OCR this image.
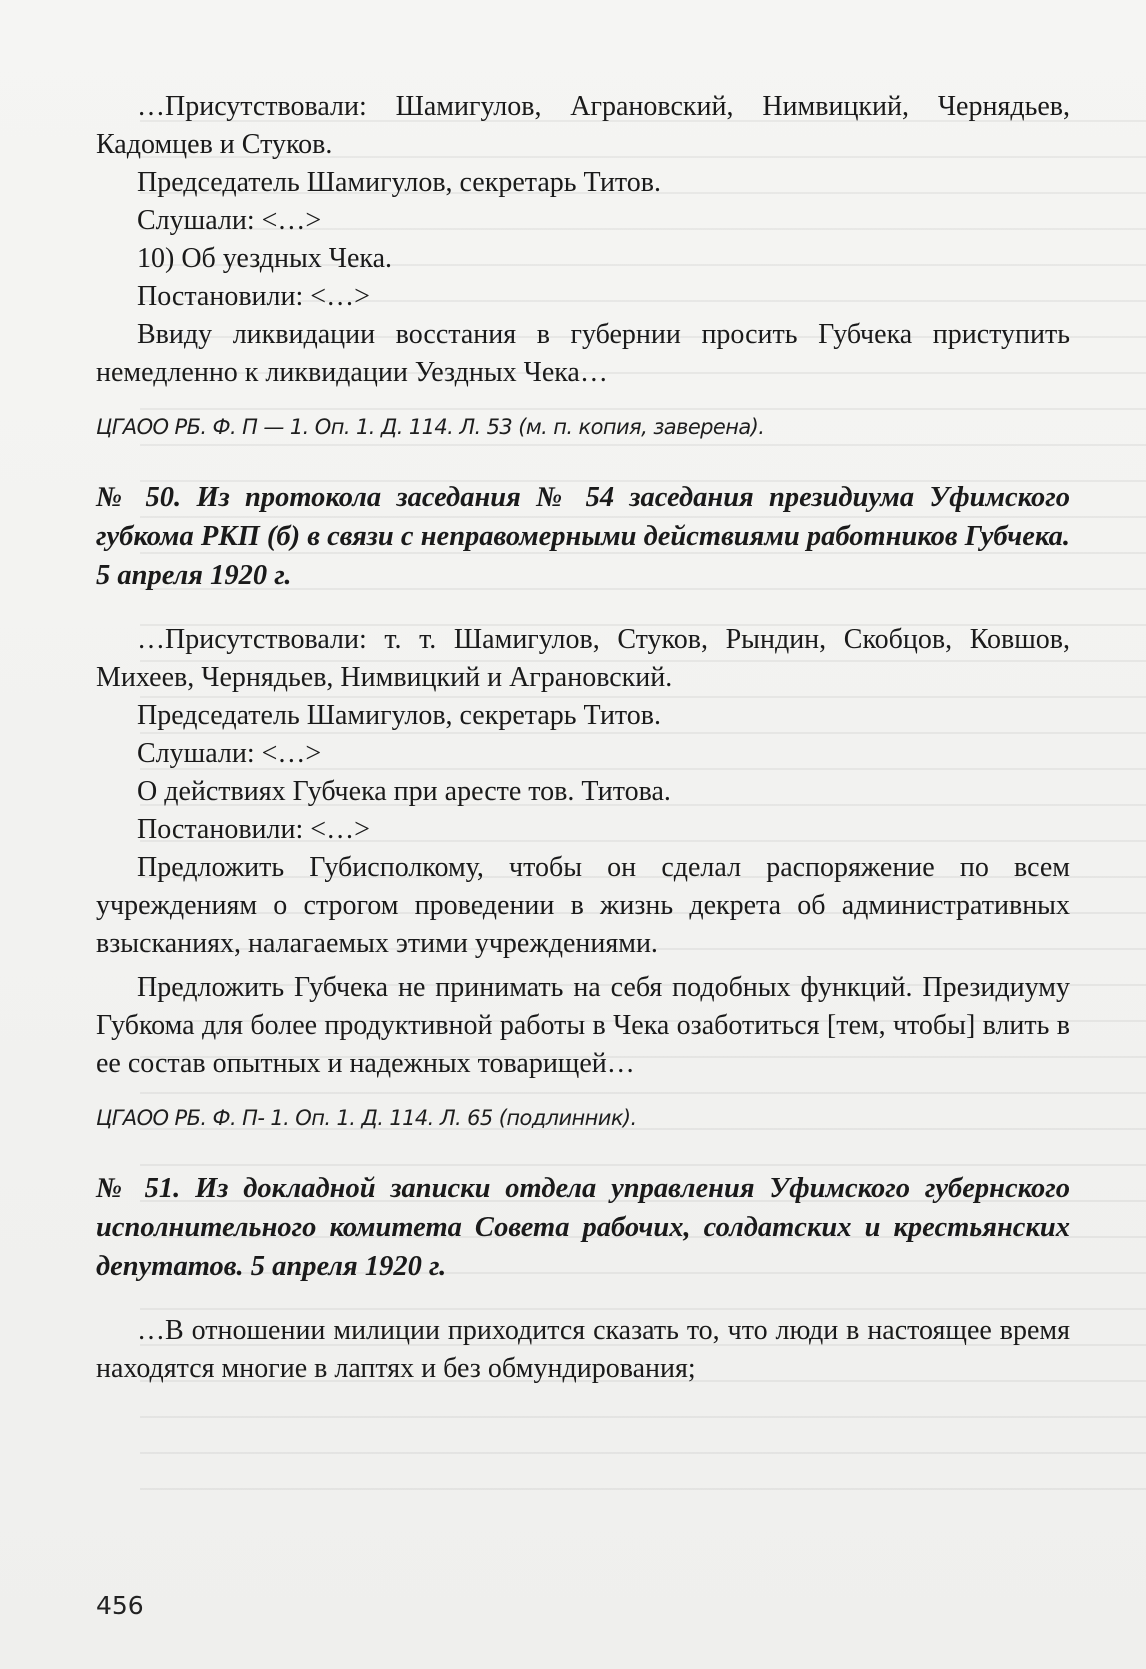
…Присутствовали: Шамигулов, Аграновский, Нимвицкий, Чернядьев, Кадомцев и Стуков.

Председатель Шамигулов, секретарь Титов.

Слушали: <…>

10) Об уездных Чека.

Постановили: <…>

Ввиду ликвидации восстания в губернии просить Губчека приступить немедленно к ликвидации Уездных Чека…

ЦГАОО РБ. Ф. П — 1. Оп. 1. Д. 114. Л. 53 (м. п. копия, заверена).

№ 50. Из протокола заседания № 54 заседания президиума Уфимского губкома РКП (б) в связи с неправомерными действиями работников Губчека. 5 апреля 1920 г.

…Присутствовали: т. т. Шамигулов, Стуков, Рындин, Скобцов, Ковшов, Михеев, Чернядьев, Нимвицкий и Аграновский.

Председатель Шамигулов, секретарь Титов.

Слушали: <…>

О действиях Губчека при аресте тов. Титова.

Постановили: <…>

Предложить Губисполкому, чтобы он сделал распоряжение по всем учреждениям о строгом проведении в жизнь декрета об административных взысканиях, налагаемых этими учреждениями.

Предложить Губчека не принимать на себя подобных функций. Президиуму Губкома для более продуктивной работы в Чека озаботиться [тем, чтобы] влить в ее состав опытных и надежных товарищей…

ЦГАОО РБ. Ф. П- 1. Оп. 1. Д. 114. Л. 65 (подлинник).

№ 51. Из докладной записки отдела управления Уфимского губернского исполнительного комитета Совета рабочих, солдатских и крестьянских депутатов. 5 апреля 1920 г.

…В отношении милиции приходится сказать то, что люди в настоящее время находятся многие в лаптях и без обмундирования;

456
